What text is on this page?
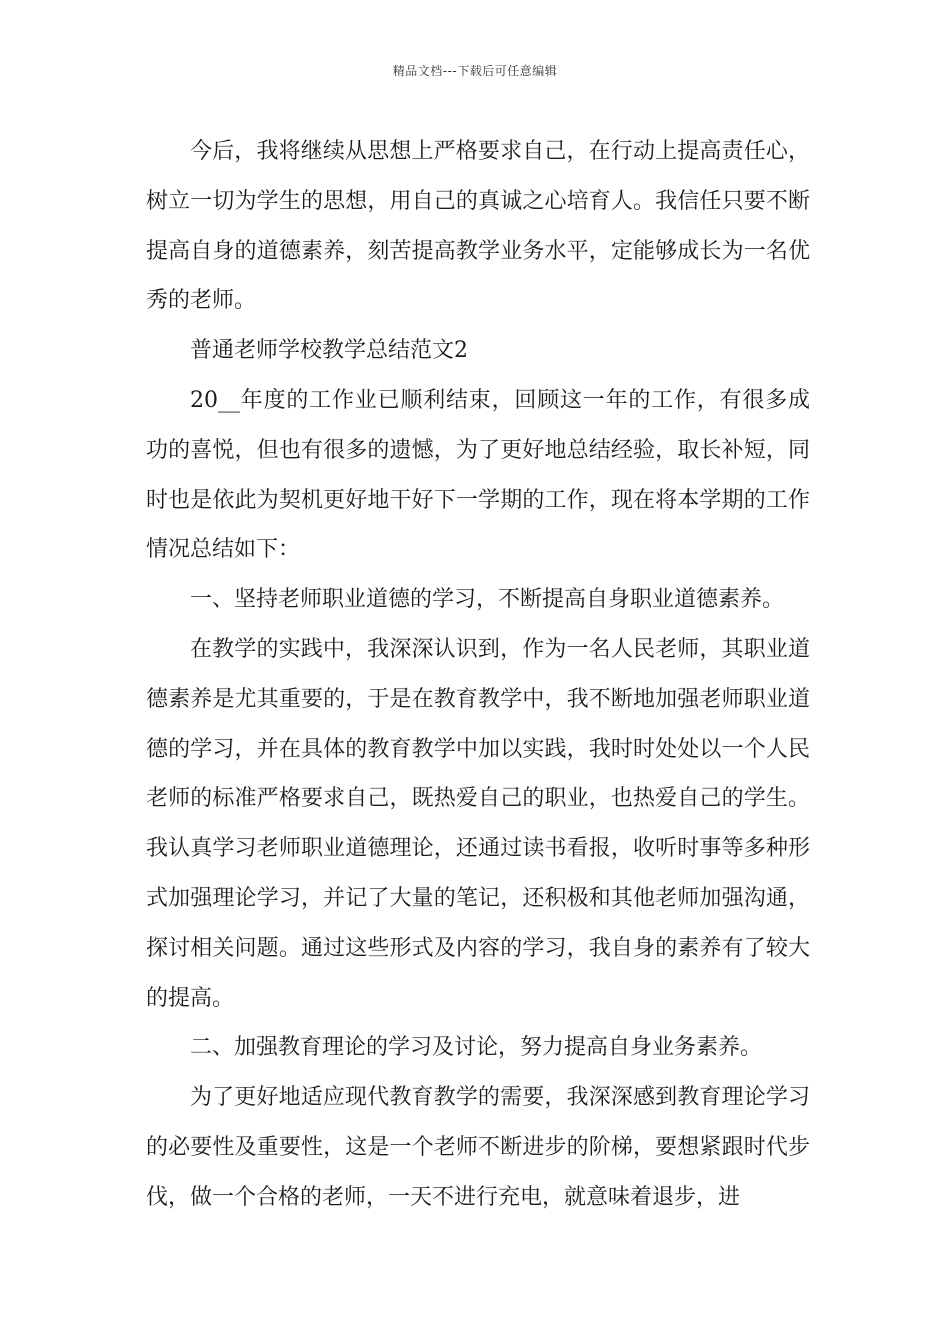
精品文档---下载后可任意编辑

今后，我将继续从思想上严格要求自己，在行动上提高责任心，树立一切为学生的思想，用自己的真诚之心培育人。我信任只要不断提高自身的道德素养，刻苦提高教学业务水平，定能够成长为一名优秀的老师。

普通老师学校教学总结范文2

20__年度的工作业已顺利结束，回顾这一年的工作，有很多成功的喜悦，但也有很多的遗憾，为了更好地总结经验，取长补短，同时也是依此为契机更好地干好下一学期的工作，现在将本学期的工作情况总结如下：

一、坚持老师职业道德的学习，不断提高自身职业道德素养。

在教学的实践中，我深深认识到，作为一名人民老师，其职业道德素养是尤其重要的，于是在教育教学中，我不断地加强老师职业道德的学习，并在具体的教育教学中加以实践，我时时处处以一个人民老师的标准严格要求自己，既热爱自己的职业，也热爱自己的学生。我认真学习老师职业道德理论，还通过读书看报，收听时事等多种形式加强理论学习，并记了大量的笔记，还积极和其他老师加强沟通，探讨相关问题。通过这些形式及内容的学习，我自身的素养有了较大的提高。

二、加强教育理论的学习及讨论，努力提高自身业务素养。

为了更好地适应现代教育教学的需要，我深深感到教育理论学习的必要性及重要性，这是一个老师不断进步的阶梯，要想紧跟时代步伐，做一个合格的老师，一天不进行充电，就意味着退步，进
